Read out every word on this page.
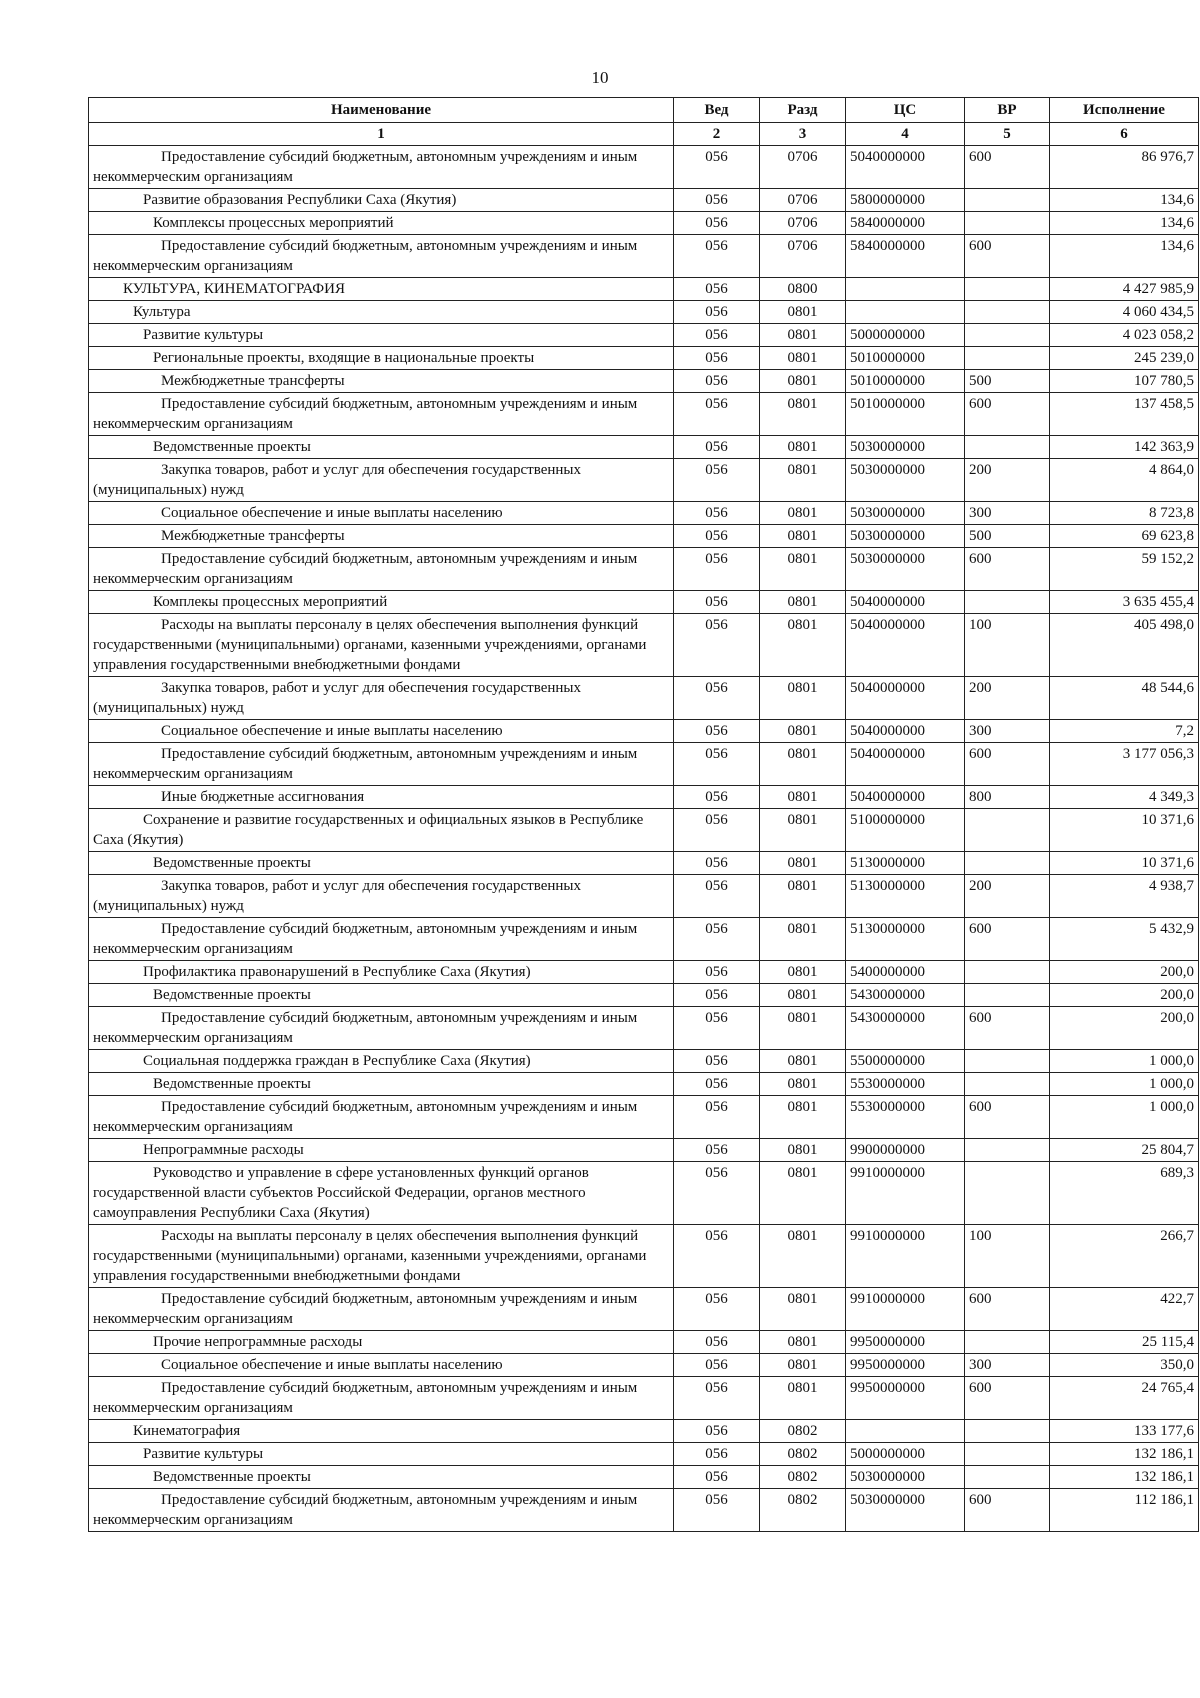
10
Наименование	Вед	Разд	ЦС	ВР	Исполнение
1	2	3	4	5	6

Предоставление субсидий бюджетным, автономным учреждениям и иным некоммерческим организациям	056	0706	5040000000	600	86 976,7

Развитие образования Республики Саха (Якутия)	056	0706	5800000000		134,6

Комплексы процессных мероприятий	056	0706	5840000000		134,6

Предоставление субсидий бюджетным, автономным учреждениям и иным некоммерческим организациям	056	0706	5840000000	600	134,6

КУЛЬТУРА, КИНЕМАТОГРАФИЯ	056	0800			4 427 985,9

Культура	056	0801			4 060 434,5

Развитие культуры	056	0801	5000000000		4 023 058,2

Региональные проекты, входящие в национальные проекты	056	0801	5010000000		245 239,0

Межбюджетные трансферты	056	0801	5010000000	500	107 780,5

Предоставление субсидий бюджетным, автономным учреждениям и иным некоммерческим организациям	056	0801	5010000000	600	137 458,5

Ведомственные проекты	056	0801	5030000000		142 363,9

Закупка товаров, работ и услуг для обеспечения государственных (муниципальных) нужд	056	0801	5030000000	200	4 864,0

Социальное обеспечение и иные выплаты населению	056	0801	5030000000	300	8 723,8

Межбюджетные трансферты	056	0801	5030000000	500	69 623,8

Предоставление субсидий бюджетным, автономным учреждениям и иным некоммерческим организациям	056	0801	5030000000	600	59 152,2

Комплекы процессных мероприятий	056	0801	5040000000		3 635 455,4

Расходы на выплаты персоналу в целях обеспечения выполнения функций государственными (муниципальными) органами, казенными учреждениями, органами управления государственными внебюджетными фондами	056	0801	5040000000	100	405 498,0

Закупка товаров, работ и услуг для обеспечения государственных (муниципальных) нужд	056	0801	5040000000	200	48 544,6

Социальное обеспечение и иные выплаты населению	056	0801	5040000000	300	7,2

Предоставление субсидий бюджетным, автономным учреждениям и иным некоммерческим организациям	056	0801	5040000000	600	3 177 056,3

Иные бюджетные ассигнования	056	0801	5040000000	800	4 349,3

Сохранение и развитие государственных и официальных языков в Республике Саха (Якутия)	056	0801	5100000000		10 371,6

Ведомственные проекты	056	0801	5130000000		10 371,6

Закупка товаров, работ и услуг для обеспечения государственных (муниципальных) нужд	056	0801	5130000000	200	4 938,7

Предоставление субсидий бюджетным, автономным учреждениям и иным некоммерческим организациям	056	0801	5130000000	600	5 432,9

Профилактика правонарушений в Республике Саха (Якутия)	056	0801	5400000000		200,0

Ведомственные проекты	056	0801	5430000000		200,0

Предоставление субсидий бюджетным, автономным учреждениям и иным некоммерческим организациям	056	0801	5430000000	600	200,0

Социальная поддержка граждан в Республике Саха (Якутия)	056	0801	5500000000		1 000,0

Ведомственные проекты	056	0801	5530000000		1 000,0

Предоставление субсидий бюджетным, автономным учреждениям и иным некоммерческим организациям	056	0801	5530000000	600	1 000,0

Непрограммные расходы	056	0801	9900000000		25 804,7

Руководство и управление в сфере установленных функций органов государственной власти субъектов Российской Федерации, органов местного самоуправления Республики Саха (Якутия)	056	0801	9910000000		689,3

Расходы на выплаты персоналу в целях обеспечения выполнения функций государственными (муниципальными) органами, казенными учреждениями, органами управления государственными внебюджетными фондами	056	0801	9910000000	100	266,7

Предоставление субсидий бюджетным, автономным учреждениям и иным некоммерческим организациям	056	0801	9910000000	600	422,7

Прочие непрограммные расходы	056	0801	9950000000		25 115,4

Социальное обеспечение и иные выплаты населению	056	0801	9950000000	300	350,0

Предоставление субсидий бюджетным, автономным учреждениям и иным некоммерческим организациям	056	0801	9950000000	600	24 765,4

Кинематография	056	0802			133 177,6

Развитие культуры	056	0802	5000000000		132 186,1

Ведомственные проекты	056	0802	5030000000		132 186,1

Предоставление субсидий бюджетным, автономным учреждениям и иным некоммерческим организациям	056	0802	5030000000	600	112 186,1
